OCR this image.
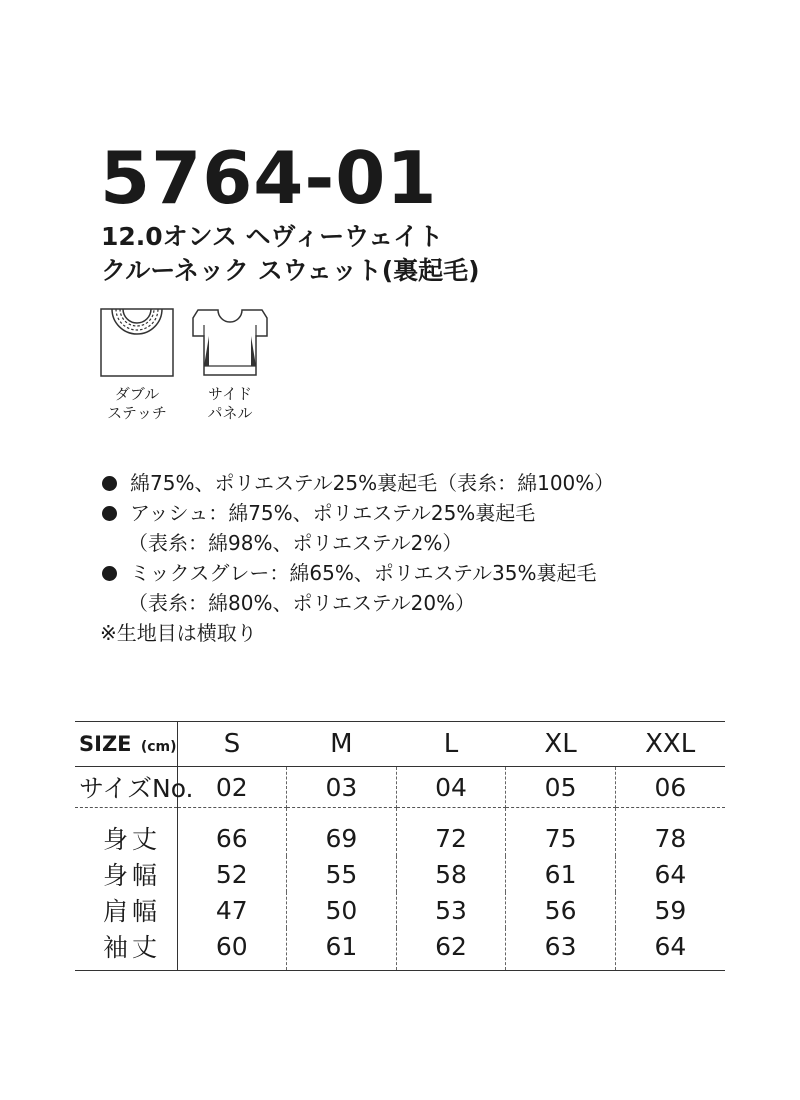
5764-01
12.0オンス ヘヴィーウェイト
クルーネック スウェット(裏起毛)
ダブル
ステッチ
サイド
パネル
綿75%、ポリエステル25%裏起毛（表糸：綿100%）
アッシュ：綿75%、ポリエステル25%裏起毛
（表糸：綿98%、ポリエステル2%）
ミックスグレー：綿65%、ポリエステル35%裏起毛
（表糸：綿80%、ポリエステル20%）
※生地目は横取り
SIZE (cm)	S	M	L	XL	XXL
サイズNo.	02	03	04	05	06
身丈	66	69	72	75	78
身幅	52	55	58	61	64
肩幅	47	50	53	56	59
袖丈	60	61	62	63	64
